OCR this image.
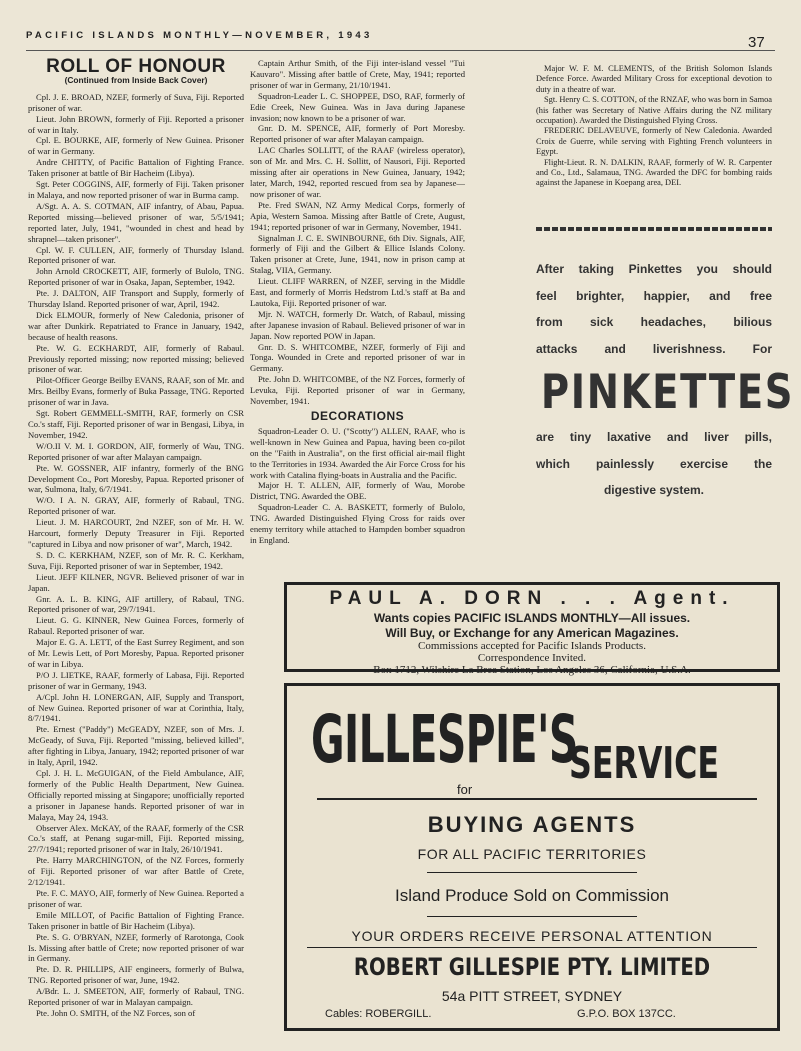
PACIFIC ISLANDS MONTHLY—NOVEMBER, 1943	37
ROLL OF HONOUR
(Continued from Inside Back Cover)

Cpl. J. E. BROAD, NZEF, formerly of Suva, Fiji. Reported prisoner of war.

Lieut. John BROWN, formerly of Fiji. Reported a prisoner of war in Italy.

Cpl. E. BOURKE, AIF, formerly of New Guinea. Prisoner of war in Germany.

Andre CHITTY, of Pacific Battalion of Fighting France. Taken prisoner at battle of Bir Hacheim (Libya).

Sgt. Peter COGGINS, AIF, formerly of Fiji. Taken prisoner in Malaya, and now reported prisoner of war in Burma camp.

A/Sgt. A. A. S. COTMAN, AIF infantry, of Abau, Papua. Reported missing—believed prisoner of war, 5/5/1941; reported later, July, 1941, "wounded in chest and head by shrapnel—taken prisoner".

Cpl. W. F. CULLEN, AIF, formerly of Thursday Island. Reported prisoner of war.

John Arnold CROCKETT, AIF, formerly of Bulolo, TNG. Reported prisoner of war in Osaka, Japan, September, 1942.

Pte. J. DALTON, AIF Transport and Supply, formerly of Thursday Island. Reported prisoner of war, April, 1942.

Dick ELMOUR, formerly of New Caledonia, prisoner of war after Dunkirk. Repatriated to France in January, 1942, because of health reasons.

Pte. W. G. ECKHARDT, AIF, formerly of Rabaul. Previously reported missing; now reported missing; believed prisoner of war.

Pilot-Officer George Beilby EVANS, RAAF, son of Mr. and Mrs. Beilby Evans, formerly of Buka Passage, TNG. Reported prisoner of war in Java.

Sgt. Robert GEMMELL-SMITH, RAF, formerly on CSR Co.'s staff, Fiji. Reported prisoner of war in Bengasi, Libya, in November, 1942.

W/O.II V. M. I. GORDON, AIF, formerly of Wau, TNG. Reported prisoner of war after Malayan campaign.

Pte. W. GOSSNER, AIF infantry, formerly of the BNG Development Co., Port Moresby, Papua. Reported prisoner of war, Sulmona, Italy, 6/7/1941.

W/O. I A. N. GRAY, AIF, formerly of Rabaul, TNG. Reported prisoner of war.

Lieut. J. M. HARCOURT, 2nd NZEF, son of Mr. H. W. Harcourt, formerly Deputy Treasurer in Fiji. Reported "captured in Libya and now prisoner of war", March, 1942.

S. D. C. KERKHAM, NZEF, son of Mr. R. C. Kerkham, Suva, Fiji. Reported prisoner of war in September, 1942.

Lieut. JEFF KILNER, NGVR. Believed prisoner of war in Japan.

Gnr. A. L. B. KING, AIF artillery, of Rabaul, TNG. Reported prisoner of war, 29/7/1941.

Lieut. G. G. KINNER, New Guinea Forces, formerly of Rabaul. Reported prisoner of war.

Major E. G. A. LETT, of the East Surrey Regiment, and son of Mr. Lewis Lett, of Port Moresby, Papua. Reported prisoner of war in Libya.

P/O J. LIETKE, RAAF, formerly of Labasa, Fiji. Reported prisoner of war in Germany, 1943.

A/Cpl. John H. LONERGAN, AIF, Supply and Transport, of New Guinea. Reported prisoner of war at Corinthia, Italy, 8/7/1941.

Pte. Ernest ("Paddy") McGEADY, NZEF, son of Mrs. J. McGeady, of Suva, Fiji. Reported "missing, believed killed", after fighting in Libya, January, 1942; reported prisoner of war in Italy, April, 1942.

Cpl. J. H. L. McGUIGAN, of the Field Ambulance, AIF, formerly of the Public Health Department, New Guinea. Officially reported missing at Singapore; unofficially reported a prisoner in Japanese hands. Reported prisoner of war in Malaya, May 24, 1943.

Observer Alex. McKAY, of the RAAF, formerly of the CSR Co.'s staff, at Penang sugar-mill, Fiji. Reported missing, 27/7/1941; reported prisoner of war in Italy, 26/10/1941.

Pte. Harry MARCHINGTON, of the NZ Forces, formerly of Fiji. Reported prisoner of war after Battle of Crete, 2/12/1941.

Pte. F. C. MAYO, AIF, formerly of New Guinea. Reported a prisoner of war.

Emile MILLOT, of Pacific Battalion of Fighting France. Taken prisoner in battle of Bir Hacheim (Libya).

Pte. S. G. O'BRYAN, NZEF, formerly of Rarotonga, Cook Is. Missing after battle of Crete; now reported prisoner of war in Germany.

Pte. D. R. PHILLIPS, AIF engineers, formerly of Bulwa, TNG. Reported prisoner of war, June, 1942.

A/Bdr. L. J. SMEETON, AIF, formerly of Rabaul, TNG. Reported prisoner of war in Malayan campaign.

Pte. John O. SMITH, of the NZ Forces, son of

Captain Arthur Smith, of the Fiji inter-island vessel "Tui Kauvaro". Missing after battle of Crete, May, 1941; reported prisoner of war in Germany, 21/10/1941.

Squadron-Leader L. C. SHOPPEE, DSO, RAF, formerly of Edie Creek, New Guinea. Was in Java during Japanese invasion; now known to be a prisoner of war.

Gnr. D. M. SPENCE, AIF, formerly of Port Moresby. Reported prisoner of war after Malayan campaign.

LAC Charles SOLLITT, of the RAAF (wireless operator), son of Mr. and Mrs. C. H. Sollitt, of Nausori, Fiji. Reported missing after air operations in New Guinea, January, 1942; later, March, 1942, reported rescued from sea by Japanese—now prisoner of war.

Pte. Fred SWAN, NZ Army Medical Corps, formerly of Apia, Western Samoa. Missing after Battle of Crete, August, 1941; reported prisoner of war in Germany, November, 1941.

Signalman J. C. E. SWINBOURNE, 6th Div. Signals, AIF, formerly of Fiji and the Gilbert & Ellice Islands Colony. Taken prisoner at Crete, June, 1941, now in prison camp at Stalag, VIIA, Germany.

Lieut. CLIFF WARREN, of NZEF, serving in the Middle East, and formerly of Morris Hedstrom Ltd.'s staff at Ba and Lautoka, Fiji. Reported prisoner of war.

Mjr. N. WATCH, formerly Dr. Watch, of Rabaul, missing after Japanese invasion of Rabaul. Believed prisoner of war in Japan. Now reported POW in Japan.

Gnr. D. S. WHITCOMBE, NZEF, formerly of Fiji and Tonga. Wounded in Crete and reported prisoner of war in Germany.

Pte. John D. WHITCOMBE, of the NZ Forces, formerly of Levuka, Fiji. Reported prisoner of war in Germany, November, 1941.

DECORATIONS

Squadron-Leader O. U. ("Scotty") ALLEN, RAAF, who is well-known in New Guinea and Papua, having been co-pilot on the "Faith in Australia", on the first official air-mail flight to the Territories in 1934. Awarded the Air Force Cross for his work with Catalina flying-boats in Australia and the Pacific.

Major H. T. ALLEN, AIF, formerly of Wau, Morobe District, TNG. Awarded the OBE.

Squadron-Leader C. A. BASKETT, formerly of Bulolo, TNG. Awarded Distinguished Flying Cross for raids over enemy territory while attached to Hampden bomber squadron in England.

Major W. F. M. CLEMENTS, of the British Solomon Islands Defence Force. Awarded Military Cross for exceptional devotion to duty in a theatre of war.

Sgt. Henry C. S. COTTON, of the RNZAF, who was born in Samoa (his father was Secretary of Native Affairs during the NZ military occupation). Awarded the Distinguished Flying Cross.

FREDERIC DELAVEUVE, formerly of New Caledonia. Awarded Croix de Guerre, while serving with Fighting French volunteers in Egypt.

Flight-Lieut. R. N. DALKIN, RAAF, formerly of W. R. Carpenter and Co., Ltd., Salamaua, TNG. Awarded the DFC for bombing raids against the Japanese in Koepang area, DEI.

After taking Pinkettes you should
feel brighter, happier, and free
from sick headaches, bilious
attacks and liverishness. For
PINKETTES
are tiny laxative and liver pills,
which painlessly exercise the
digestive system.
PAUL A. DORN . . . Agent.
Wants copies PACIFIC ISLANDS MONTHLY—All issues.
Will Buy, or Exchange for any American Magazines.
Commissions accepted for Pacific Islands Products.
Correspondence Invited.
Box 1712, Wilshire La Brea Station, Los Angeles 36, California, U.S.A.
GILLESPIE'S
for
SERVICE
BUYING AGENTS
FOR ALL PACIFIC TERRITORIES
Island Produce Sold on Commission
YOUR ORDERS RECEIVE PERSONAL ATTENTION
ROBERT GILLESPIE PTY. LIMITED
54a PITT STREET, SYDNEY
Cables: ROBERGILL.	G.P.O. BOX 137CC.
